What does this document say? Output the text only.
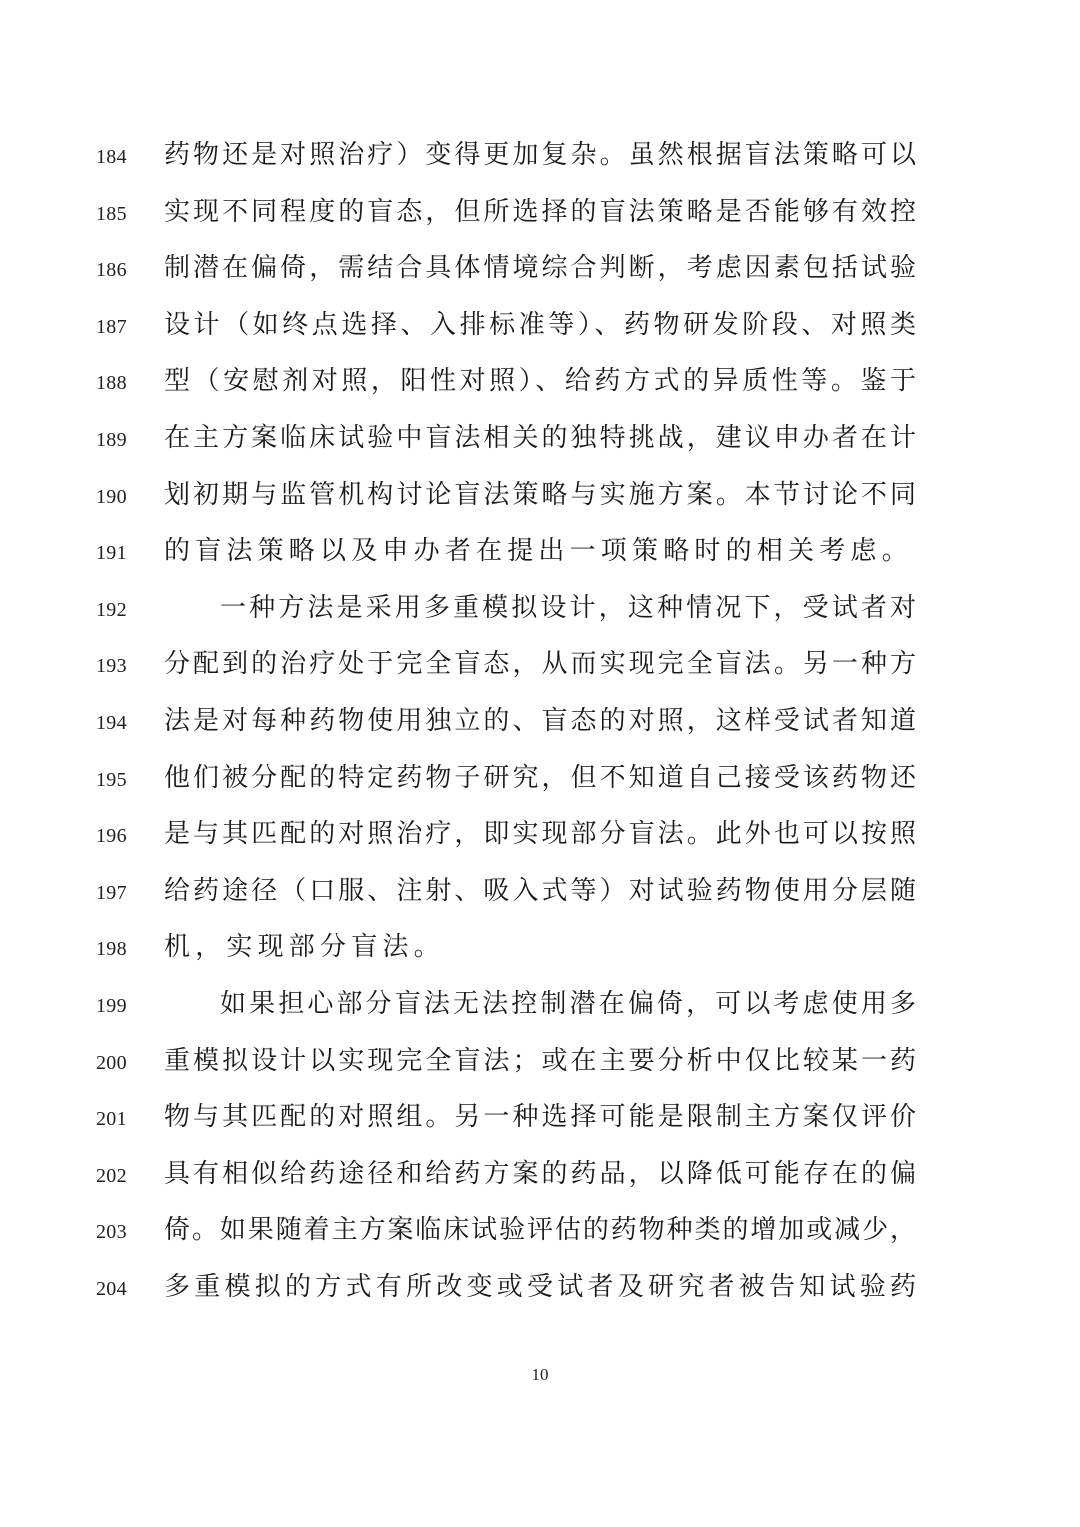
184	药物还是对照治疗）变得更加复杂。虽然根据盲法策略可以
185	实现不同程度的盲态，但所选择的盲法策略是否能够有效控
186	制潜在偏倚，需结合具体情境综合判断，考虑因素包括试验
187	设计（如终点选择、入排标准等）、药物研发阶段、对照类
188	型（安慰剂对照，阳性对照）、给药方式的异质性等。鉴于
189	在主方案临床试验中盲法相关的独特挑战，建议申办者在计
190	划初期与监管机构讨论盲法策略与实施方案。本节讨论不同
191	的盲法策略以及申办者在提出一项策略时的相关考虑。
192	一种方法是采用多重模拟设计，这种情况下，受试者对
193	分配到的治疗处于完全盲态，从而实现完全盲法。另一种方
194	法是对每种药物使用独立的、盲态的对照，这样受试者知道
195	他们被分配的特定药物子研究，但不知道自己接受该药物还
196	是与其匹配的对照治疗，即实现部分盲法。此外也可以按照
197	给药途径（口服、注射、吸入式等）对试验药物使用分层随
198	机，实现部分盲法。
199	如果担心部分盲法无法控制潜在偏倚，可以考虑使用多
200	重模拟设计以实现完全盲法；或在主要分析中仅比较某一药
201	物与其匹配的对照组。另一种选择可能是限制主方案仅评价
202	具有相似给药途径和给药方案的药品，以降低可能存在的偏
203	倚。如果随着主方案临床试验评估的药物种类的增加或减少，
204	多重模拟的方式有所改变或受试者及研究者被告知试验药
10
